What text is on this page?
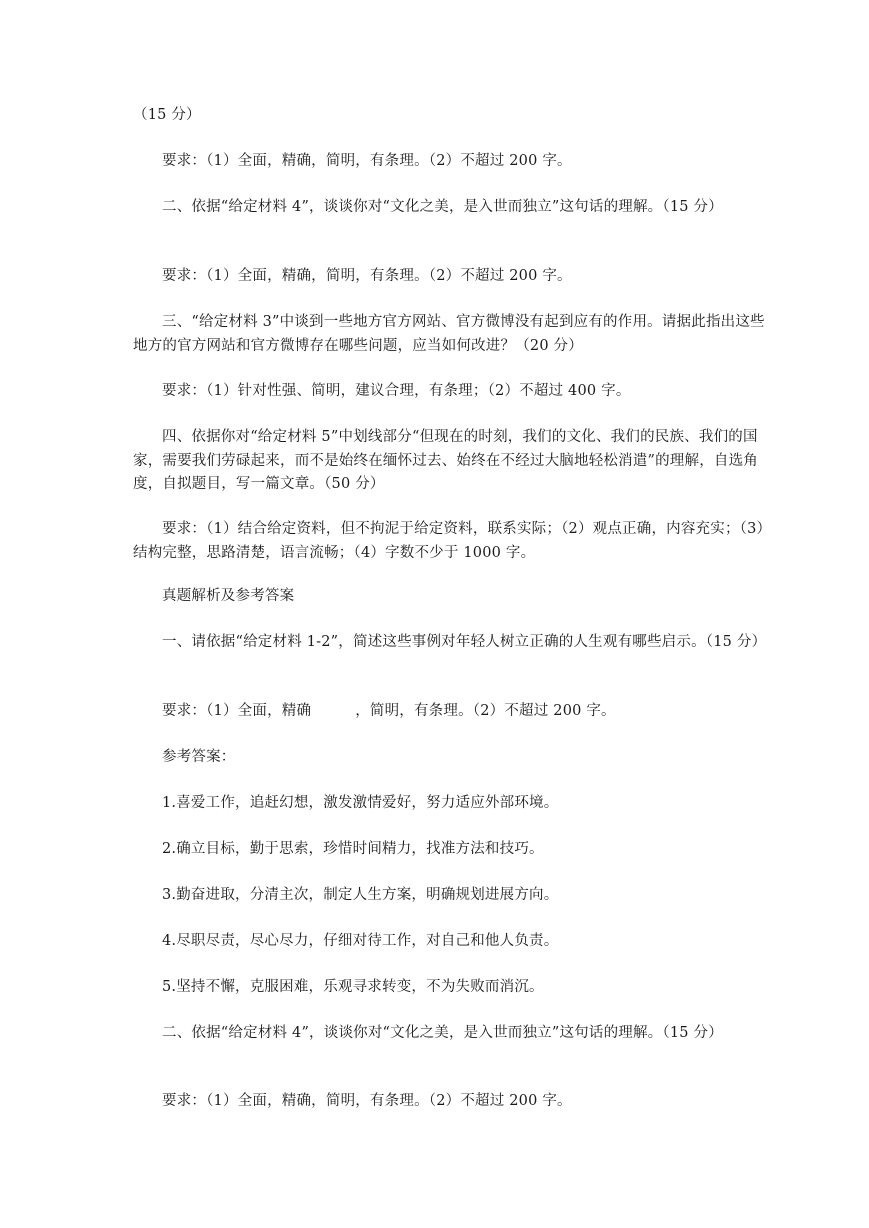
（15 分）

要求：（1）全面，精确，简明，有条理。（2）不超过 200 字。

二、依据“给定材料 4”，谈谈你对“文化之美，是入世而独立”这句话的理解。（15 分）

要求：（1）全面，精确，简明，有条理。（2）不超过 200 字。

三、“给定材料 3”中谈到一些地方官方网站、官方微博没有起到应有的作用。请据此指出这些地方的官方网站和官方微博存在哪些问题，应当如何改进？（20 分）

要求：（1）针对性强、简明，建议合理，有条理；（2）不超过 400 字。

四、依据你对“给定材料 5”中划线部分“但现在的时刻，我们的文化、我们的民族、我们的国家，需要我们劳碌起来，而不是始终在缅怀过去、始终在不经过大脑地轻松消遣”的理解，自选角度，自拟题目，写一篇文章。（50 分）

要求：（1）结合给定资料，但不拘泥于给定资料，联系实际；（2）观点正确，内容充实；（3）结构完整，思路清楚，语言流畅；（4）字数不少于 1000 字。

真题解析及参考答案

一、请依据“给定材料 1-2”，简述这些事例对年轻人树立正确的人生观有哪些启示。（15 分）

要求：（1）全面，精确	，简明，有条理。（2）不超过 200 字。

参考答案：

1.喜爱工作，追赶幻想，激发激情爱好，努力适应外部环境。

2.确立目标，勤于思索，珍惜时间精力，找准方法和技巧。

3.勤奋进取，分清主次，制定人生方案，明确规划进展方向。

4.尽职尽责，尽心尽力，仔细对待工作，对自己和他人负责。

5.坚持不懈，克服困难，乐观寻求转变，不为失败而消沉。

二、依据“给定材料 4”，谈谈你对“文化之美，是入世而独立”这句话的理解。（15 分）

要求：（1）全面，精确，简明，有条理。（2）不超过 200 字。
